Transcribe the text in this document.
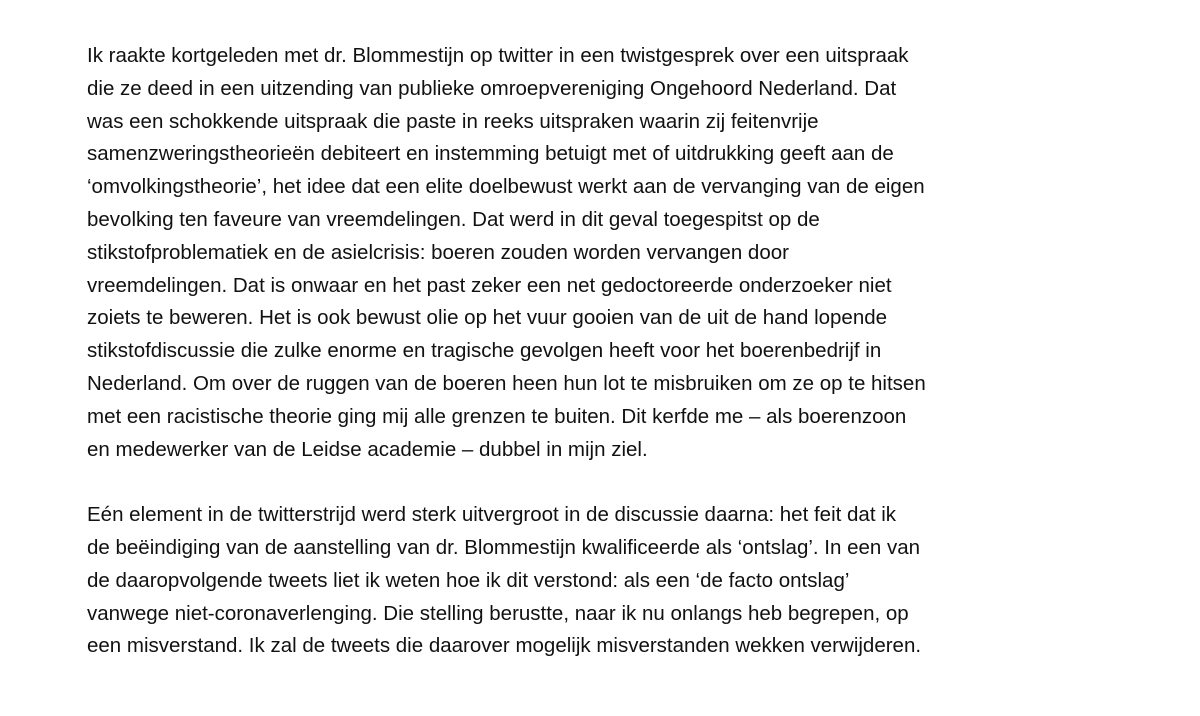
Ik raakte kortgeleden met dr. Blommestijn op twitter in een twistgesprek over een uitspraak
die ze deed in een uitzending van publieke omroepvereniging Ongehoord Nederland. Dat
was een schokkende uitspraak die paste in reeks uitspraken waarin zij feitenvrije
samenzweringstheorieën debiteert en instemming betuigt met of uitdrukking geeft aan de
‘omvolkingstheorie’, het idee dat een elite doelbewust werkt aan de vervanging van de eigen
bevolking ten faveure van vreemdelingen. Dat werd in dit geval toegespitst op de
stikstofproblematiek en de asielcrisis: boeren zouden worden vervangen door
vreemdelingen. Dat is onwaar en het past zeker een net gedoctoreerde onderzoeker niet
zoiets te beweren. Het is ook bewust olie op het vuur gooien van de uit de hand lopende
stikstofdiscussie die zulke enorme en tragische gevolgen heeft voor het boerenbedrijf in
Nederland. Om over de ruggen van de boeren heen hun lot te misbruiken om ze op te hitsen
met een racistische theorie ging mij alle grenzen te buiten. Dit kerfde me – als boerenzoon
en medewerker van de Leidse academie – dubbel in mijn ziel.
Eén element in de twitterstrijd werd sterk uitvergroot in de discussie daarna: het feit dat ik
de beëindiging van de aanstelling van dr. Blommestijn kwalificeerde als ‘ontslag’. In een van
de daaropvolgende tweets liet ik weten hoe ik dit verstond: als een ‘de facto ontslag’
vanwege niet-coronaverlenging. Die stelling berustte, naar ik nu onlangs heb begrepen, op
een misverstand. Ik zal de tweets die daarover mogelijk misverstanden wekken verwijderen.
